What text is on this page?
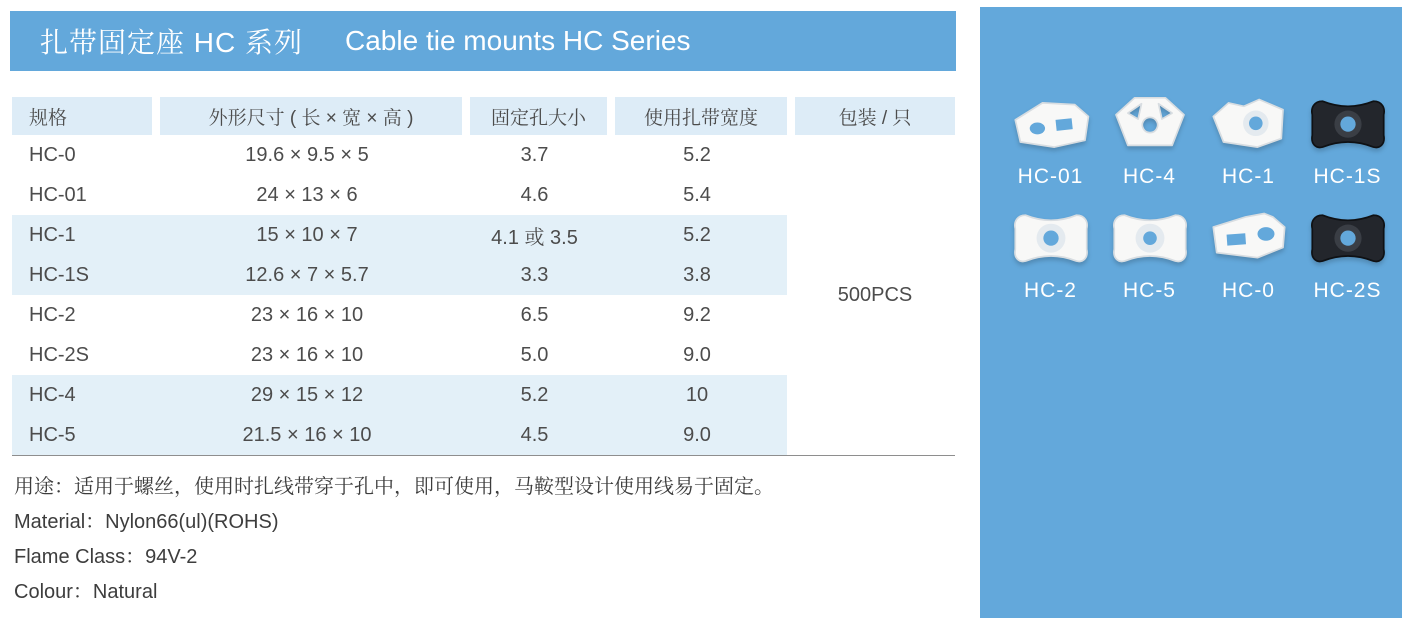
扎带固定座 HC 系列 Cable tie mounts HC Series
规格	外形尺寸 ( 长 × 宽 × 高 )	固定孔大小	使用扎带宽度	包装 / 只
HC-0	19.6 × 9.5 × 5	3.7	5.2	500PCS
HC-01	24 × 13 × 6	4.6	5.4	
HC-1	15 × 10 × 7	4.1 或 3.5	5.2	
HC-1S	12.6 × 7 × 5.7	3.3	3.8	
HC-2	23 × 16 × 10	6.5	9.2	
HC-2S	23 × 16 × 10	5.0	9.0	
HC-4	29 × 15 × 12	5.2	10	
HC-5	21.5 × 16 × 10	4.5	9.0	
用途：适用于螺丝，使用时扎线带穿于孔中，即可使用，马鞍型设计使用线易于固定。
Material：Nylon66(ul)(ROHS)
Flame Class：94V-2
Colour：Natural
HC-01 HC-4 HC-1 HC-1S
HC-2 HC-5 HC-0 HC-2S
